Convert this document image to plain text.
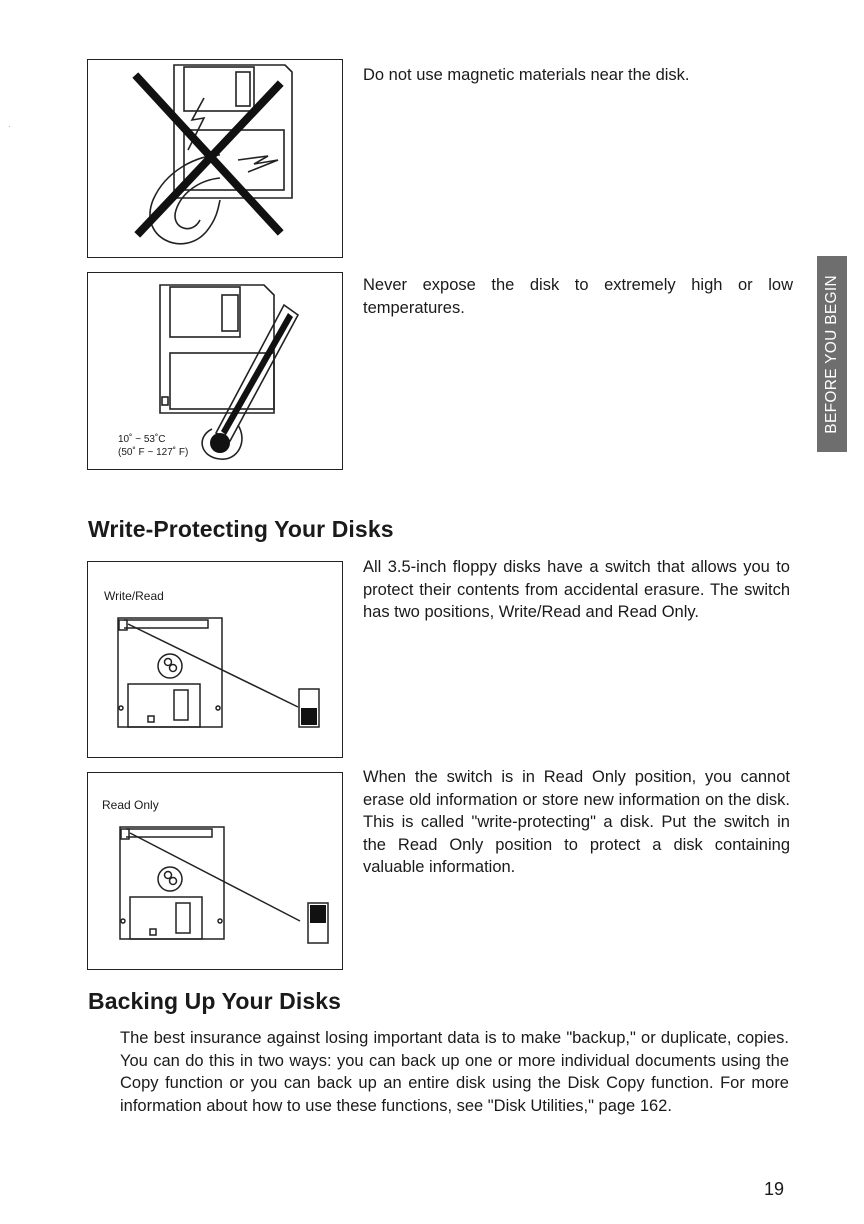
·

Do not use magnetic materials near the disk.

10˚ ~ 53˚C
(50˚ F ~ 127˚ F)

Never expose the disk to extremely high or low temperatures.	BEFORE YOU BEGIN
Write-Protecting Your Disks
Write/Read

All 3.5-inch floppy disks have a switch that allows you to protect their contents from accidental erasure. The switch has two positions, Write/Read and Read Only.

Read Only

When the switch is in Read Only position, you cannot erase old information or store new information on the disk. This is called "write-protecting" a disk. Put the switch in the Read Only position to protect a disk containing valuable information.

Backing Up Your Disks

The best insurance against losing important data is to make "backup," or duplicate, copies. You can do this in two ways: you can back up one or more individual documents using the Copy function or you can back up an entire disk using the Disk Copy function. For more information about how to use these functions, see "Disk Utilities," page 162.

19
